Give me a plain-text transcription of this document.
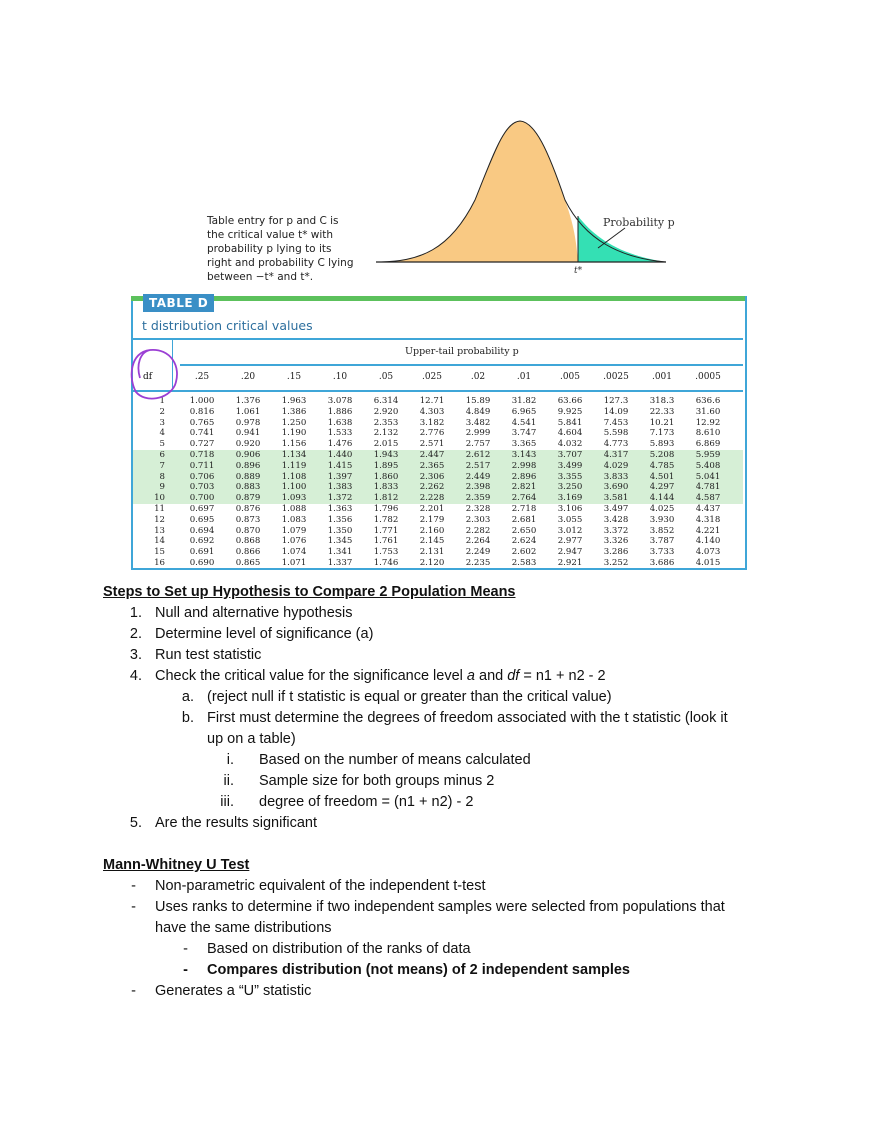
Table entry for p and C is
the critical value t* with
probability p lying to its
right and probability C lying
between −t* and t*.
Probability p
t*
TABLE D
t distribution critical values
Upper-tail probability p
df	.25	.20	.15	.10	.05	.025	.02	.01	.005	.0025	.001	.0005
1	1.000	1.376	1.963	3.078	6.314	12.71	15.89	31.82	63.66	127.3	318.3	636.6
2	0.816	1.061	1.386	1.886	2.920	4.303	4.849	6.965	9.925	14.09	22.33	31.60
3	0.765	0.978	1.250	1.638	2.353	3.182	3.482	4.541	5.841	7.453	10.21	12.92
4	0.741	0.941	1.190	1.533	2.132	2.776	2.999	3.747	4.604	5.598	7.173	8.610
5	0.727	0.920	1.156	1.476	2.015	2.571	2.757	3.365	4.032	4.773	5.893	6.869
6	0.718	0.906	1.134	1.440	1.943	2.447	2.612	3.143	3.707	4.317	5.208	5.959
7	0.711	0.896	1.119	1.415	1.895	2.365	2.517	2.998	3.499	4.029	4.785	5.408
8	0.706	0.889	1.108	1.397	1.860	2.306	2.449	2.896	3.355	3.833	4.501	5.041
9	0.703	0.883	1.100	1.383	1.833	2.262	2.398	2.821	3.250	3.690	4.297	4.781
10	0.700	0.879	1.093	1.372	1.812	2.228	2.359	2.764	3.169	3.581	4.144	4.587
11	0.697	0.876	1.088	1.363	1.796	2.201	2.328	2.718	3.106	3.497	4.025	4.437
12	0.695	0.873	1.083	1.356	1.782	2.179	2.303	2.681	3.055	3.428	3.930	4.318
13	0.694	0.870	1.079	1.350	1.771	2.160	2.282	2.650	3.012	3.372	3.852	4.221
14	0.692	0.868	1.076	1.345	1.761	2.145	2.264	2.624	2.977	3.326	3.787	4.140
15	0.691	0.866	1.074	1.341	1.753	2.131	2.249	2.602	2.947	3.286	3.733	4.073
16	0.690	0.865	1.071	1.337	1.746	2.120	2.235	2.583	2.921	3.252	3.686	4.015
Steps to Set up Hypothesis to Compare 2 Population Means
1. Null and alternative hypothesis
2. Determine level of significance (a)
3. Run test statistic
4. Check the critical value for the significance level a and df = n1 + n2 - 2
a. (reject null if t statistic is equal or greater than the critical value)
b. First must determine the degrees of freedom associated with the t statistic (look it
up on a table)
i. Based on the number of means calculated
ii. Sample size for both groups minus 2
iii. degree of freedom = (n1 + n2) - 2
5. Are the results significant
Mann-Whitney U Test
- Non-parametric equivalent of the independent t-test
- Uses ranks to determine if two independent samples were selected from populations that
have the same distributions
- Based on distribution of the ranks of data
- Compares distribution (not means) of 2 independent samples
- Generates a “U” statistic
